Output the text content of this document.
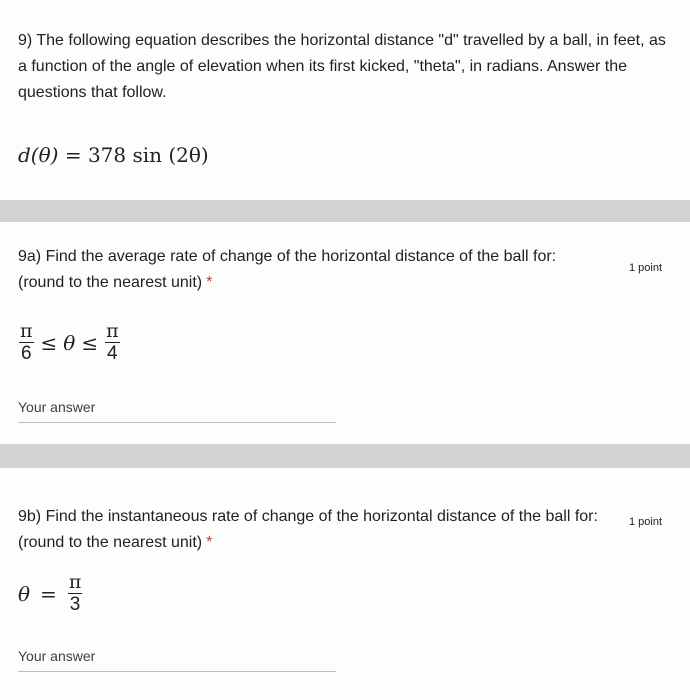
9) The following equation describes the horizontal distance "d" travelled by a ball, in feet, as a function of the angle of elevation when its first kicked, "theta", in radians. Answer the questions that follow.

d(θ) = 378 sin (2θ)

9a) Find the average rate of change of the horizontal distance of the ball for: (round to the nearest unit) *

1 point
$\frac{\pi}{6} \le \theta \le \frac{\pi}{4}$
Your answer

9b) Find the instantaneous rate of change of the horizontal distance of the ball for: (round to the nearest unit) *

1 point
$\theta = \frac{\pi}{3}$
Your answer
